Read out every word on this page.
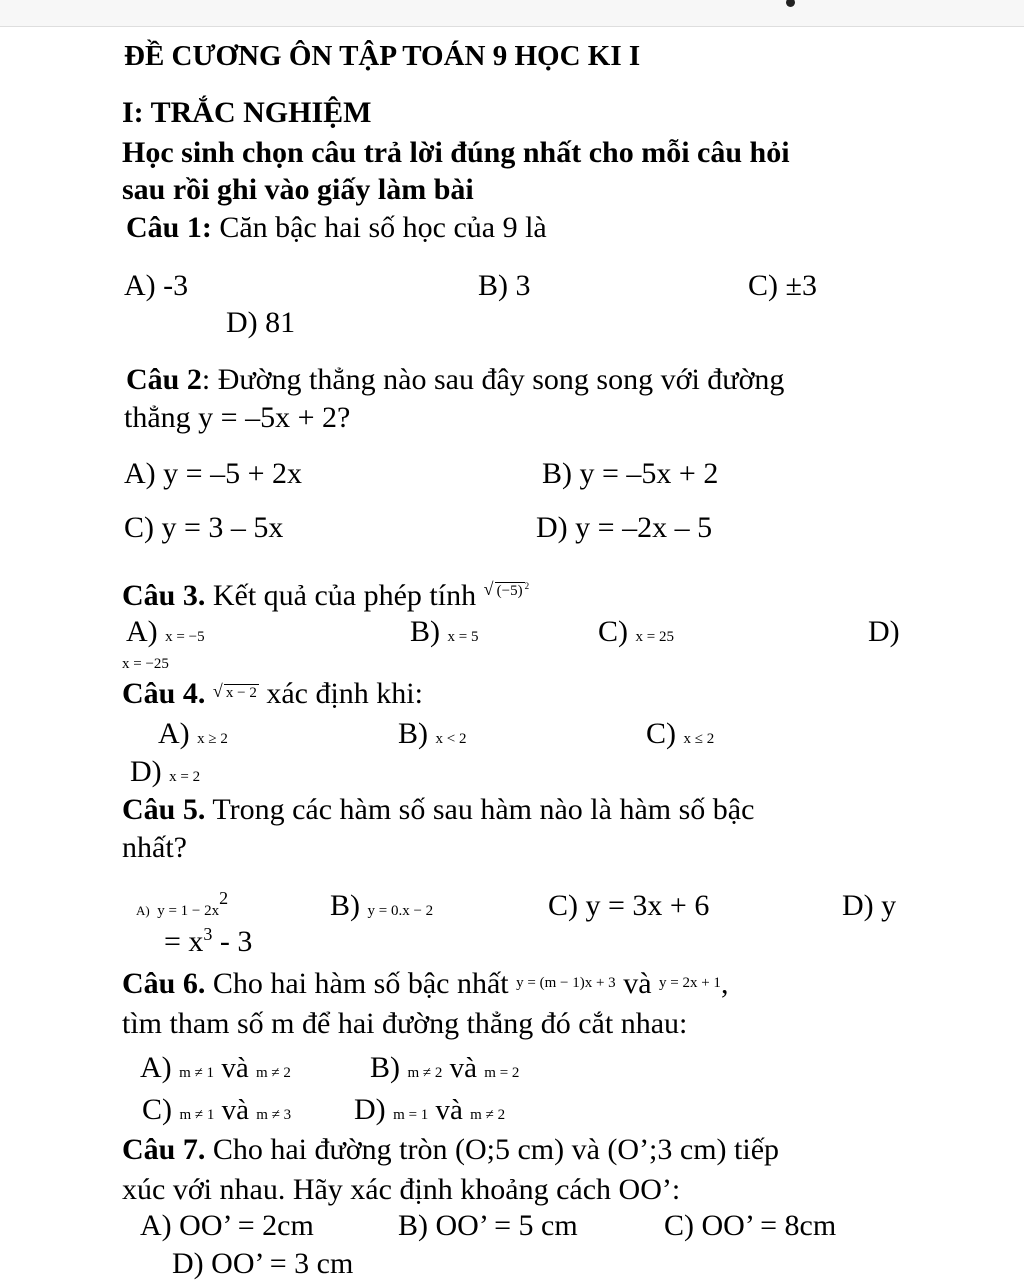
ĐỀ CƯƠNG ÔN TẬP TOÁN 9 HỌC KI I
I: TRẮC NGHIỆM
Học sinh chọn câu trả lời đúng nhất cho mỗi câu hỏi
sau rồi ghi vào giấy làm bài
Câu 1: Căn bậc hai số học của 9 là
A) -3	B) 3	C) ±3
D) 81
Câu 2: Đường thẳng nào sau đây song song với đường
thẳng y = –5x + 2?
A) y = –5 + 2x	B) y = –5x + 2
C) y = 3 – 5x	D) y = –2x – 5
Câu 3. Kết quả của phép tính √ (−5) $^2$
A) x = −5	B) x = 5	C) x = 25	D)
x = −25
Câu 4. √ x − 2 xác định khi:
A) x ≥ 2	B) x < 2	C) x ≤ 2
D) x = 2
Câu 5. Trong các hàm số sau hàm nào là hàm số bậc
nhất?
A) $y = 1 - 2x^2$	B) y = 0.x − 2	C) y = 3x + 6	D) y
= $x^3 - 3$
Câu 6. Cho hai hàm số bậc nhất $^{y = (m - 1)x + 3}$ và $^{y = 2x + 1}$,
tìm tham số m để hai đường thẳng đó cắt nhau:
A) m ≠ 1 và m ≠ 2	B) m ≠ 2 và m = 2
C) m ≠ 1 và m ≠ 3 D) m = 1 và m ≠ 2
Câu 7. Cho hai đường tròn (O;5 cm) và (O’;3 cm) tiếp
xúc với nhau. Hãy xác định khoảng cách OO’:
A) OO’ = 2cm	B) OO’ = 5 cm	C) OO’ = 8cm
D) OO’ = 3 cm
